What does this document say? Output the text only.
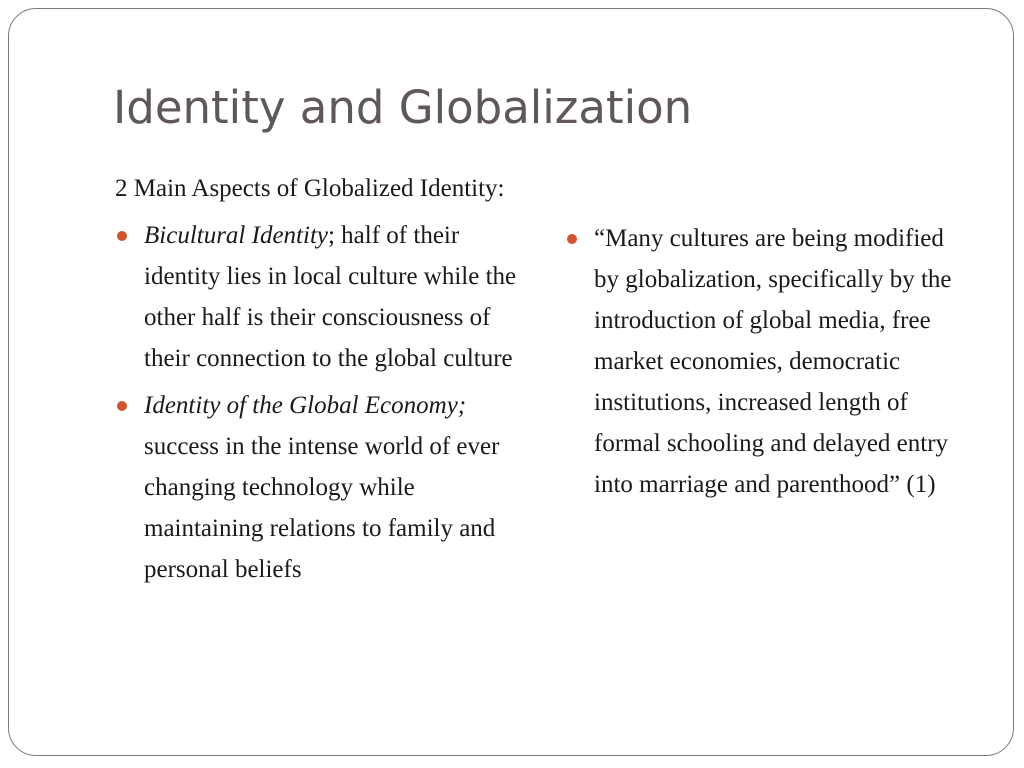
Identity and Globalization

2 Main Aspects of Globalized Identity:

Bicultural Identity; half of their identity lies in local culture while the other half is their consciousness of their connection to the global culture

Identity of the Global Economy; success in the intense world of ever changing technology while maintaining relations to family and personal beliefs

“Many cultures are being modified by globalization, specifically by the introduction of global media, free market economies, democratic institutions, increased length of formal schooling and delayed entry into marriage and parenthood” (1)
